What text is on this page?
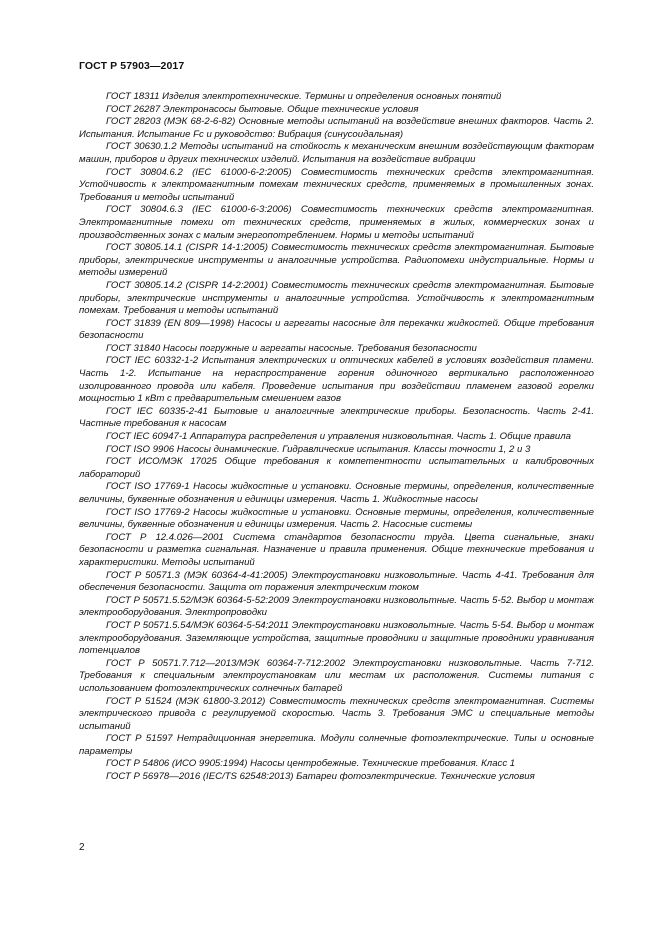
ГОСТ Р 57903—2017

ГОСТ 18311 Изделия электротехнические. Термины и определения основных понятий

ГОСТ 26287 Электронасосы бытовые. Общие технические условия

ГОСТ 28203 (МЭК 68-2-6-82) Основные методы испытаний на воздействие внешних факторов. Часть 2. Испытания. Испытание Fc и руководство: Вибрация (синусоидальная)

ГОСТ 30630.1.2 Методы испытаний на стойкость к механическим внешним воздействующим факторам машин, приборов и других технических изделий. Испытания на воздействие вибрации

ГОСТ 30804.6.2 (IEC 61000-6-2:2005) Совместимость технических средств электромагнитная. Устойчивость к электромагнитным помехам технических средств, применяемых в промышленных зонах. Требования и методы испытаний

ГОСТ 30804.6.3 (IEC 61000-6-3:2006) Совместимость технических средств электромагнитная. Электромагнитные помехи от технических средств, применяемых в жилых, коммерческих зонах и производственных зонах с малым энергопотреблением. Нормы и методы испытаний

ГОСТ 30805.14.1 (CISPR 14-1:2005) Совместимость технических средств электромагнитная. Бытовые приборы, электрические инструменты и аналогичные устройства. Радиопомехи индустриальные. Нормы и методы измерений

ГОСТ 30805.14.2 (CISPR 14-2:2001) Совместимость технических средств электромагнитная. Бытовые приборы, электрические инструменты и аналогичные устройства. Устойчивость к электромагнитным помехам. Требования и методы испытаний

ГОСТ 31839 (EN 809—1998) Насосы и агрегаты насосные для перекачки жидкостей. Общие требования безопасности

ГОСТ 31840 Насосы погружные и агрегаты насосные. Требования безопасности

ГОСТ IEC 60332-1-2 Испытания электрических и оптических кабелей в условиях воздействия пламени. Часть 1-2. Испытание на нераспространение горения одиночного вертикально расположенного изолированного провода или кабеля. Проведение испытания при воздействии пламенем газовой горелки мощностью 1 кВт с предварительным смешением газов

ГОСТ IEC 60335-2-41 Бытовые и аналогичные электрические приборы. Безопасность. Часть 2-41. Частные требования к насосам

ГОСТ IEC 60947-1 Аппаратура распределения и управления низковольтная. Часть 1. Общие правила

ГОСТ ISO 9906 Насосы динамические. Гидравлические испытания. Классы точности 1, 2 и 3

ГОСТ ИСО/МЭК 17025 Общие требования к компетентности испытательных и калибровочных лабораторий

ГОСТ ISO 17769-1 Насосы жидкостные и установки. Основные термины, определения, количественные величины, буквенные обозначения и единицы измерения. Часть 1. Жидкостные насосы

ГОСТ ISO 17769-2 Насосы жидкостные и установки. Основные термины, определения, количественные величины, буквенные обозначения и единицы измерения. Часть 2. Насосные системы

ГОСТ Р 12.4.026—2001 Система стандартов безопасности труда. Цвета сигнальные, знаки безопасности и разметка сигнальная. Назначение и правила применения. Общие технические требования и характеристики. Методы испытаний

ГОСТ Р 50571.3 (МЭК 60364-4-41:2005) Электроустановки низковольтные. Часть 4-41. Требования для обеспечения безопасности. Защита от поражения электрическим током

ГОСТ Р 50571.5.52/МЭК 60364-5-52:2009 Электроустановки низковольтные. Часть 5-52. Выбор и монтаж электрооборудования. Электропроводки

ГОСТ Р 50571.5.54/МЭК 60364-5-54:2011 Электроустановки низковольтные. Часть 5-54. Выбор и монтаж электрооборудования. Заземляющие устройства, защитные проводники и защитные проводники уравнивания потенциалов

ГОСТ Р 50571.7.712—2013/МЭК 60364-7-712:2002 Электроустановки низковольтные. Часть 7-712. Требования к специальным электроустановкам или местам их расположения. Системы питания с использованием фотоэлектрических солнечных батарей

ГОСТ Р 51524 (МЭК 61800-3.2012) Совместимость технических средств электромагнитная. Системы электрического привода с регулируемой скоростью. Часть 3. Требования ЭМС и специальные методы испытаний

ГОСТ Р 51597 Нетрадиционная энергетика. Модули солнечные фотоэлектрические. Типы и основные параметры

ГОСТ Р 54806 (ИСО 9905:1994) Насосы центробежные. Технические требования. Класс 1

ГОСТ Р 56978—2016 (IEC/TS 62548:2013) Батареи фотоэлектрические. Технические условия

2
